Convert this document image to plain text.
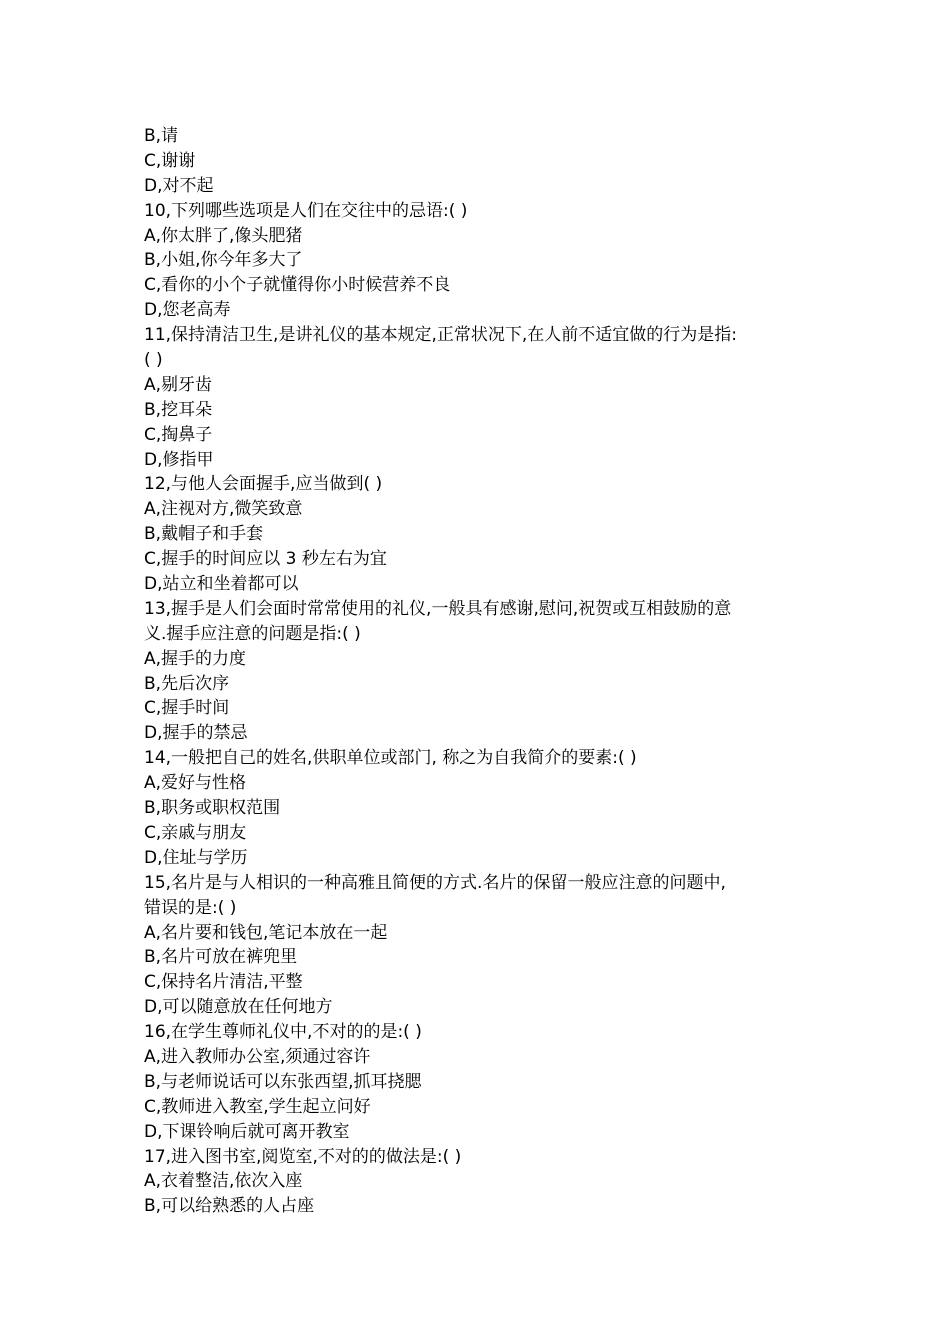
B,请
C,谢谢
D,对不起
10,下列哪些选项是人们在交往中的忌语:( )
A,你太胖了,像头肥猪
B,小姐,你今年多大了
C,看你的小个子就懂得你小时候营养不良
D,您老高寿
11,保持清洁卫生,是讲礼仪的基本规定,正常状况下,在人前不适宜做的行为是指:
( )
A,剔牙齿
B,挖耳朵
C,掏鼻子
D,修指甲
12,与他人会面握手,应当做到( )
A,注视对方,微笑致意
B,戴帽子和手套
C,握手的时间应以 3 秒左右为宜
D,站立和坐着都可以
13,握手是人们会面时常常使用的礼仪,一般具有感谢,慰问,祝贺或互相鼓励的意
义.握手应注意的问题是指:( )
A,握手的力度
B,先后次序
C,握手时间
D,握手的禁忌
14,一般把自己的姓名,供职单位或部门, 称之为自我简介的要素:( )
A,爱好与性格
B,职务或职权范围
C,亲戚与朋友
D,住址与学历
15,名片是与人相识的一种高雅且简便的方式.名片的保留一般应注意的问题中,
错误的是:( )
A,名片要和钱包,笔记本放在一起
B,名片可放在裤兜里
C,保持名片清洁,平整
D,可以随意放在任何地方
16,在学生尊师礼仪中,不对的的是:( )
A,进入教师办公室,须通过容许
B,与老师说话可以东张西望,抓耳挠腮
C,教师进入教室,学生起立问好
D,下课铃响后就可离开教室
17,进入图书室,阅览室,不对的的做法是:( )
A,衣着整洁,依次入座
B,可以给熟悉的人占座
